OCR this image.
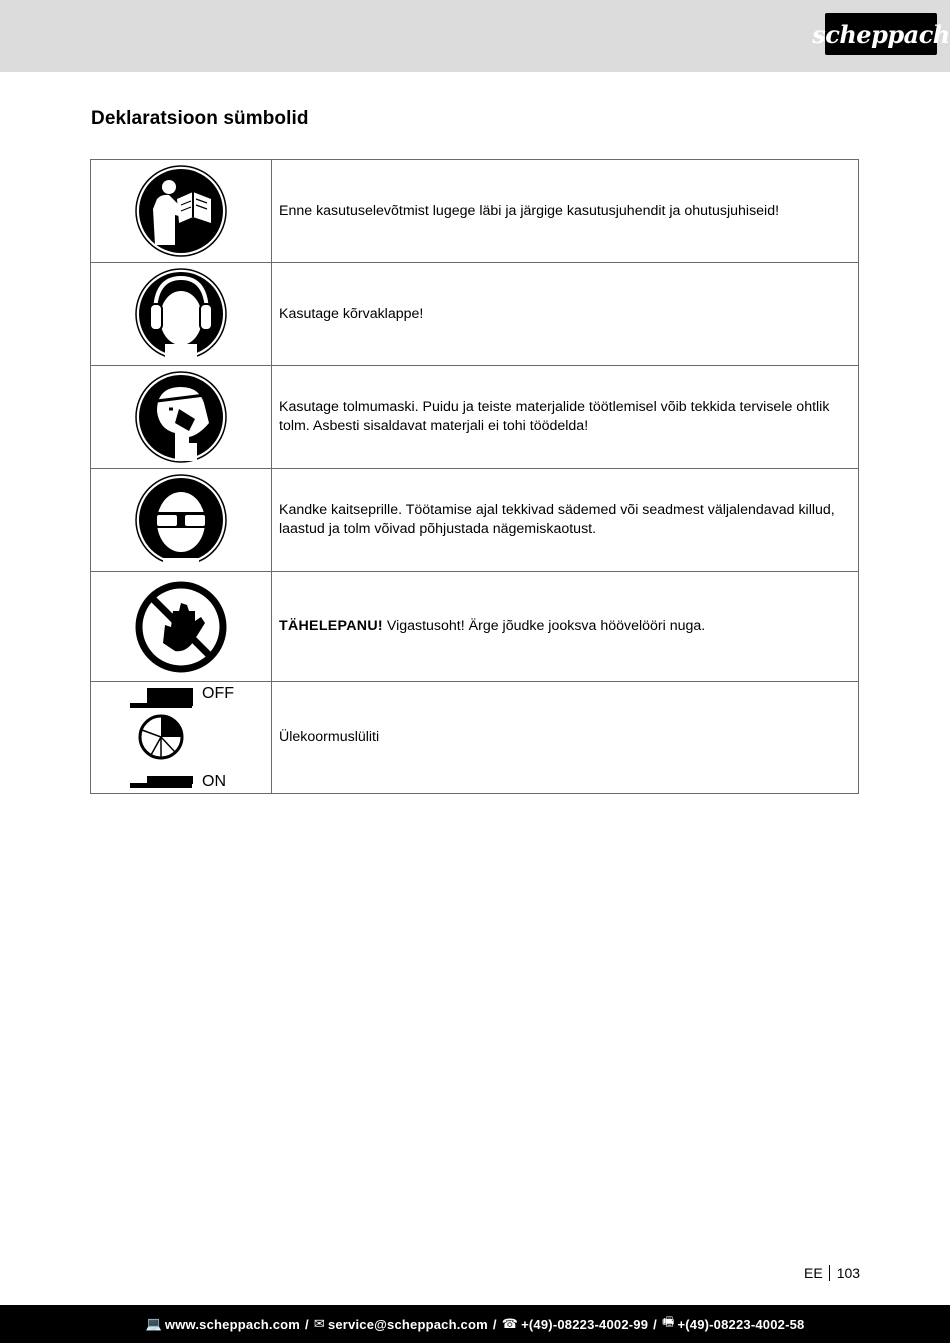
scheppach
Deklaratsioon sümbolid
	Enne kasutuselevõtmist lugege läbi ja järgige kasutusjuhendit ja ohutusjuhiseid!

	Kasutage kõrvaklappe!

	Kasutage tolmumaski. Puidu ja teiste materjalide töötlemisel võib tekkida tervisele ohtlik tolm. Asbesti sisaldavat materjali ei tohi töödelda!

	Kandke kaitseprille. Töötamise ajal tekkivad sädemed või seadmest väljalendavad killud, laastud ja tolm võivad põhjustada nägemiskaotust.

	TÄHELEPANU! Vigastusoht! Ärge jõudke jooksva höövelööri nuga.

OFF
ON	Ülekoormuslüliti
EE 103
💻 www.scheppach.com / ✉ service@scheppach.com / ☎ +(49)-08223-4002-99 / 🖷 +(49)-08223-4002-58
